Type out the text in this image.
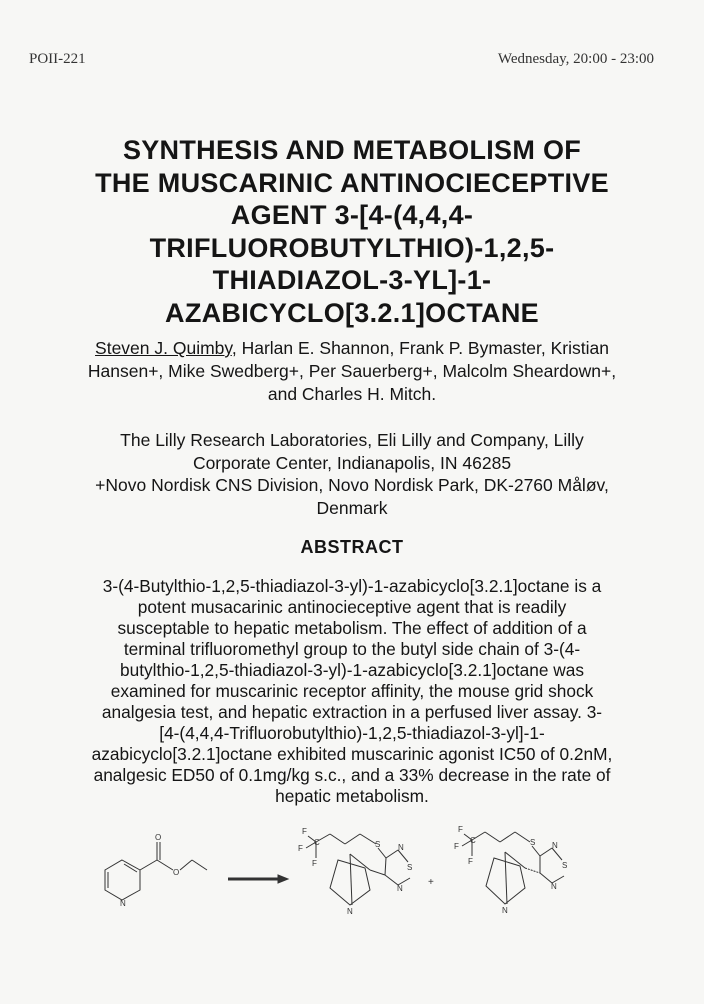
POII-221	Wednesday, 20:00 - 23:00
SYNTHESIS AND METABOLISM OF
THE MUSCARINIC ANTINOCIECEPTIVE
AGENT 3-[4-(4,4,4-
TRIFLUOROBUTYLTHIO)-1,2,5-
THIADIAZOL-3-YL]-1-
AZABICYCLO[3.2.1]OCTANE
Steven J. Quimby, Harlan E. Shannon, Frank P. Bymaster, Kristian
Hansen+, Mike Swedberg+, Per Sauerberg+, Malcolm Sheardown+,
and Charles H. Mitch.
The Lilly Research Laboratories, Eli Lilly and Company, Lilly
Corporate Center, Indianapolis, IN 46285
+Novo Nordisk CNS Division, Novo Nordisk Park, DK-2760 Måløv,
Denmark
ABSTRACT
3-(4-Butylthio-1,2,5-thiadiazol-3-yl)-1-azabicyclo[3.2.1]octane is a
potent musacarinic antinocieceptive agent that is readily
susceptable to hepatic metabolism. The effect of addition of a
terminal trifluoromethyl group to the butyl side chain of 3-(4-
butylthio-1,2,5-thiadiazol-3-yl)-1-azabicyclo[3.2.1]octane was
examined for muscarinic receptor affinity, the mouse grid shock
analgesia test, and hepatic extraction in a perfused liver assay. 3-
[4-(4,4,4-Trifluorobutylthio)-1,2,5-thiadiazol-3-yl]-1-
azabicyclo[3.2.1]octane exhibited muscarinic agonist IC50 of 0.2nM,
analgesic ED50 of 0.1mg/kg s.c., and a 33% decrease in the rate of
hepatic metabolism.
O
O
N
F
F
F
C	S N
S
N
N
+
F
F
F
C	S N
S
N
N
